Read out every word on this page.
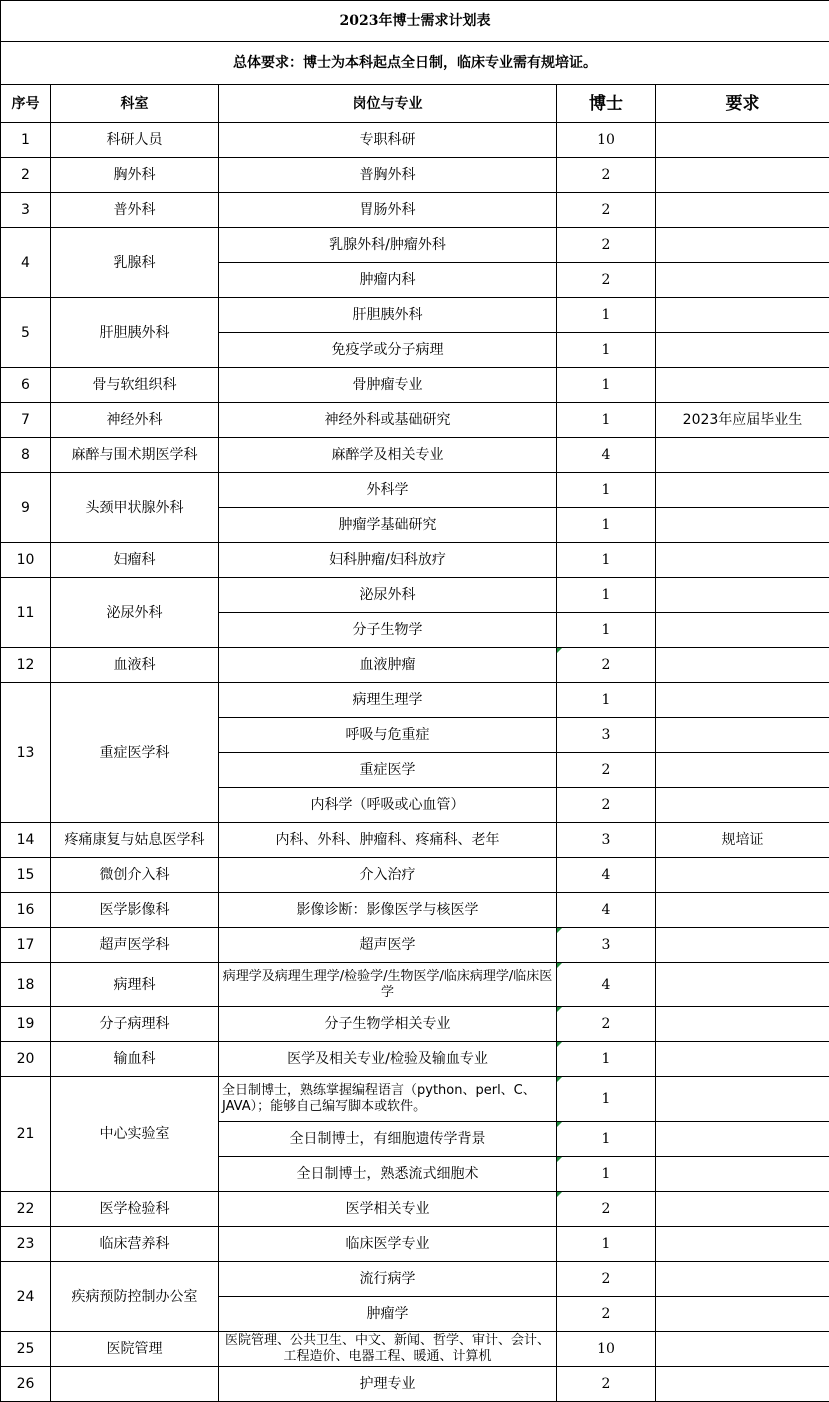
2023年博士需求计划表				
总体要求：博士为本科起点全日制，临床专业需有规培证。				
序号	科室	岗位与专业	博士	要求
1	科研人员	专职科研	10	
2	胸外科	普胸外科	2	
3	普外科	胃肠外科	2	
4	乳腺科	乳腺外科/肿瘤外科	2	
		肿瘤内科	2	
5	肝胆胰外科	肝胆胰外科	1	
		免疫学或分子病理	1	
6	骨与软组织科	骨肿瘤专业	1	
7	神经外科	神经外科或基础研究	1	2023年应届毕业生
8	麻醉与围术期医学科	麻醉学及相关专业	4	
9	头颈甲状腺外科	外科学	1	
		肿瘤学基础研究	1	
10	妇瘤科	妇科肿瘤/妇科放疗	1	
11	泌尿外科	泌尿外科	1	
		分子生物学	1	
12	血液科	血液肿瘤	2	
13	重症医学科	病理生理学	1	
		呼吸与危重症	3	
		重症医学	2	
		内科学（呼吸或心血管）	2	
14	疼痛康复与姑息医学科	内科、外科、肿瘤科、疼痛科、老年	3	规培证
15	微创介入科	介入治疗	4	
16	医学影像科	影像诊断：影像医学与核医学	4	
17	超声医学科	超声医学	3	
18	病理科	病理学及病理生理学/检验学/生物医学/临床病理学/临床医学	4	
19	分子病理科	分子生物学相关专业	2	
20	输血科	医学及相关专业/检验及输血专业	1	
21	中心实验室	全日制博士，熟练掌握编程语言（python、perl、C、JAVA）；能够自己编写脚本或软件。	1	
		全日制博士，有细胞遗传学背景	1	
		全日制博士，熟悉流式细胞术	1	
22	医学检验科	医学相关专业	2	
23	临床营养科	临床医学专业	1	
24	疾病预防控制办公室	流行病学	2	
		肿瘤学	2	
25	医院管理	医院管理、公共卫生、中文、新闻、哲学、审计、会计、工程造价、电器工程、暖通、计算机	10	
26		护理专业	2	
